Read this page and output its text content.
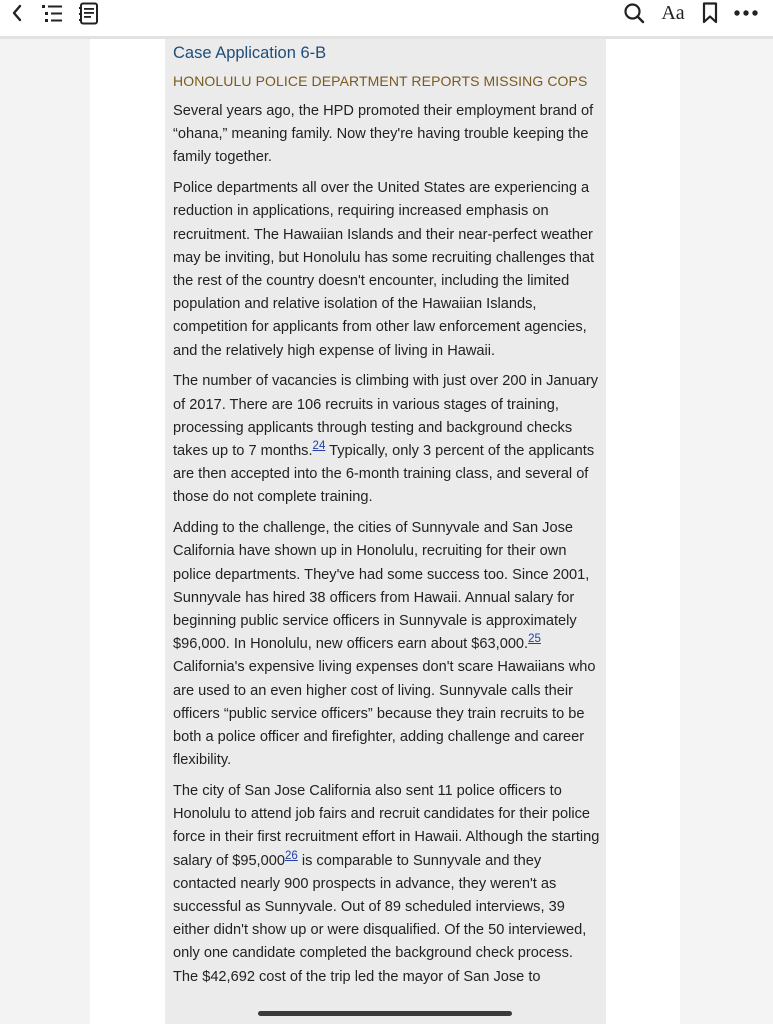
Aa

Case Application 6-B

HONOLULU POLICE DEPARTMENT REPORTS MISSING COPS

Several years ago, the HPD promoted their employment brand of “ohana,” meaning family. Now they're having trouble keeping the family together.

Police departments all over the United States are experiencing a reduction in applications, requiring increased emphasis on recruitment. The Hawaiian Islands and their near-perfect weather may be inviting, but Honolulu has some recruiting challenges that the rest of the country doesn't encounter, including the limited population and relative isolation of the Hawaiian Islands, competition for applicants from other law enforcement agencies, and the relatively high expense of living in Hawaii.

The number of vacancies is climbing with just over 200 in January of 2017. There are 106 recruits in various stages of training, processing applicants through testing and background checks takes up to 7 months.$^{24}$ Typically, only 3 percent of the applicants are then accepted into the 6-month training class, and several of those do not complete training.

Adding to the challenge, the cities of Sunnyvale and San Jose California have shown up in Honolulu, recruiting for their own police departments. They've had some success too. Since 2001, Sunnyvale has hired 38 officers from Hawaii. Annual salary for beginning public service officers in Sunnyvale is approximately $96,000. In Honolulu, new officers earn about $63,000.25 California's expensive living expenses don't scare Hawaiians who are used to an even higher cost of living. Sunnyvale calls their officers “public service officers” because they train recruits to be both a police officer and firefighter, adding challenge and career flexibility.

The city of San Jose California also sent 11 police officers to Honolulu to attend job fairs and recruit candidates for their police force in their first recruitment effort in Hawaii. Although the starting salary of $95,000$^{26}$ is comparable to Sunnyvale and they contacted nearly 900 prospects in advance, they weren't as successful as Sunnyvale. Out of 89 scheduled interviews, 39 either didn't show up or were disqualified. Of the 50 interviewed, only one candidate completed the background check process. The $42,692 cost of the trip led the mayor of San Jose to
